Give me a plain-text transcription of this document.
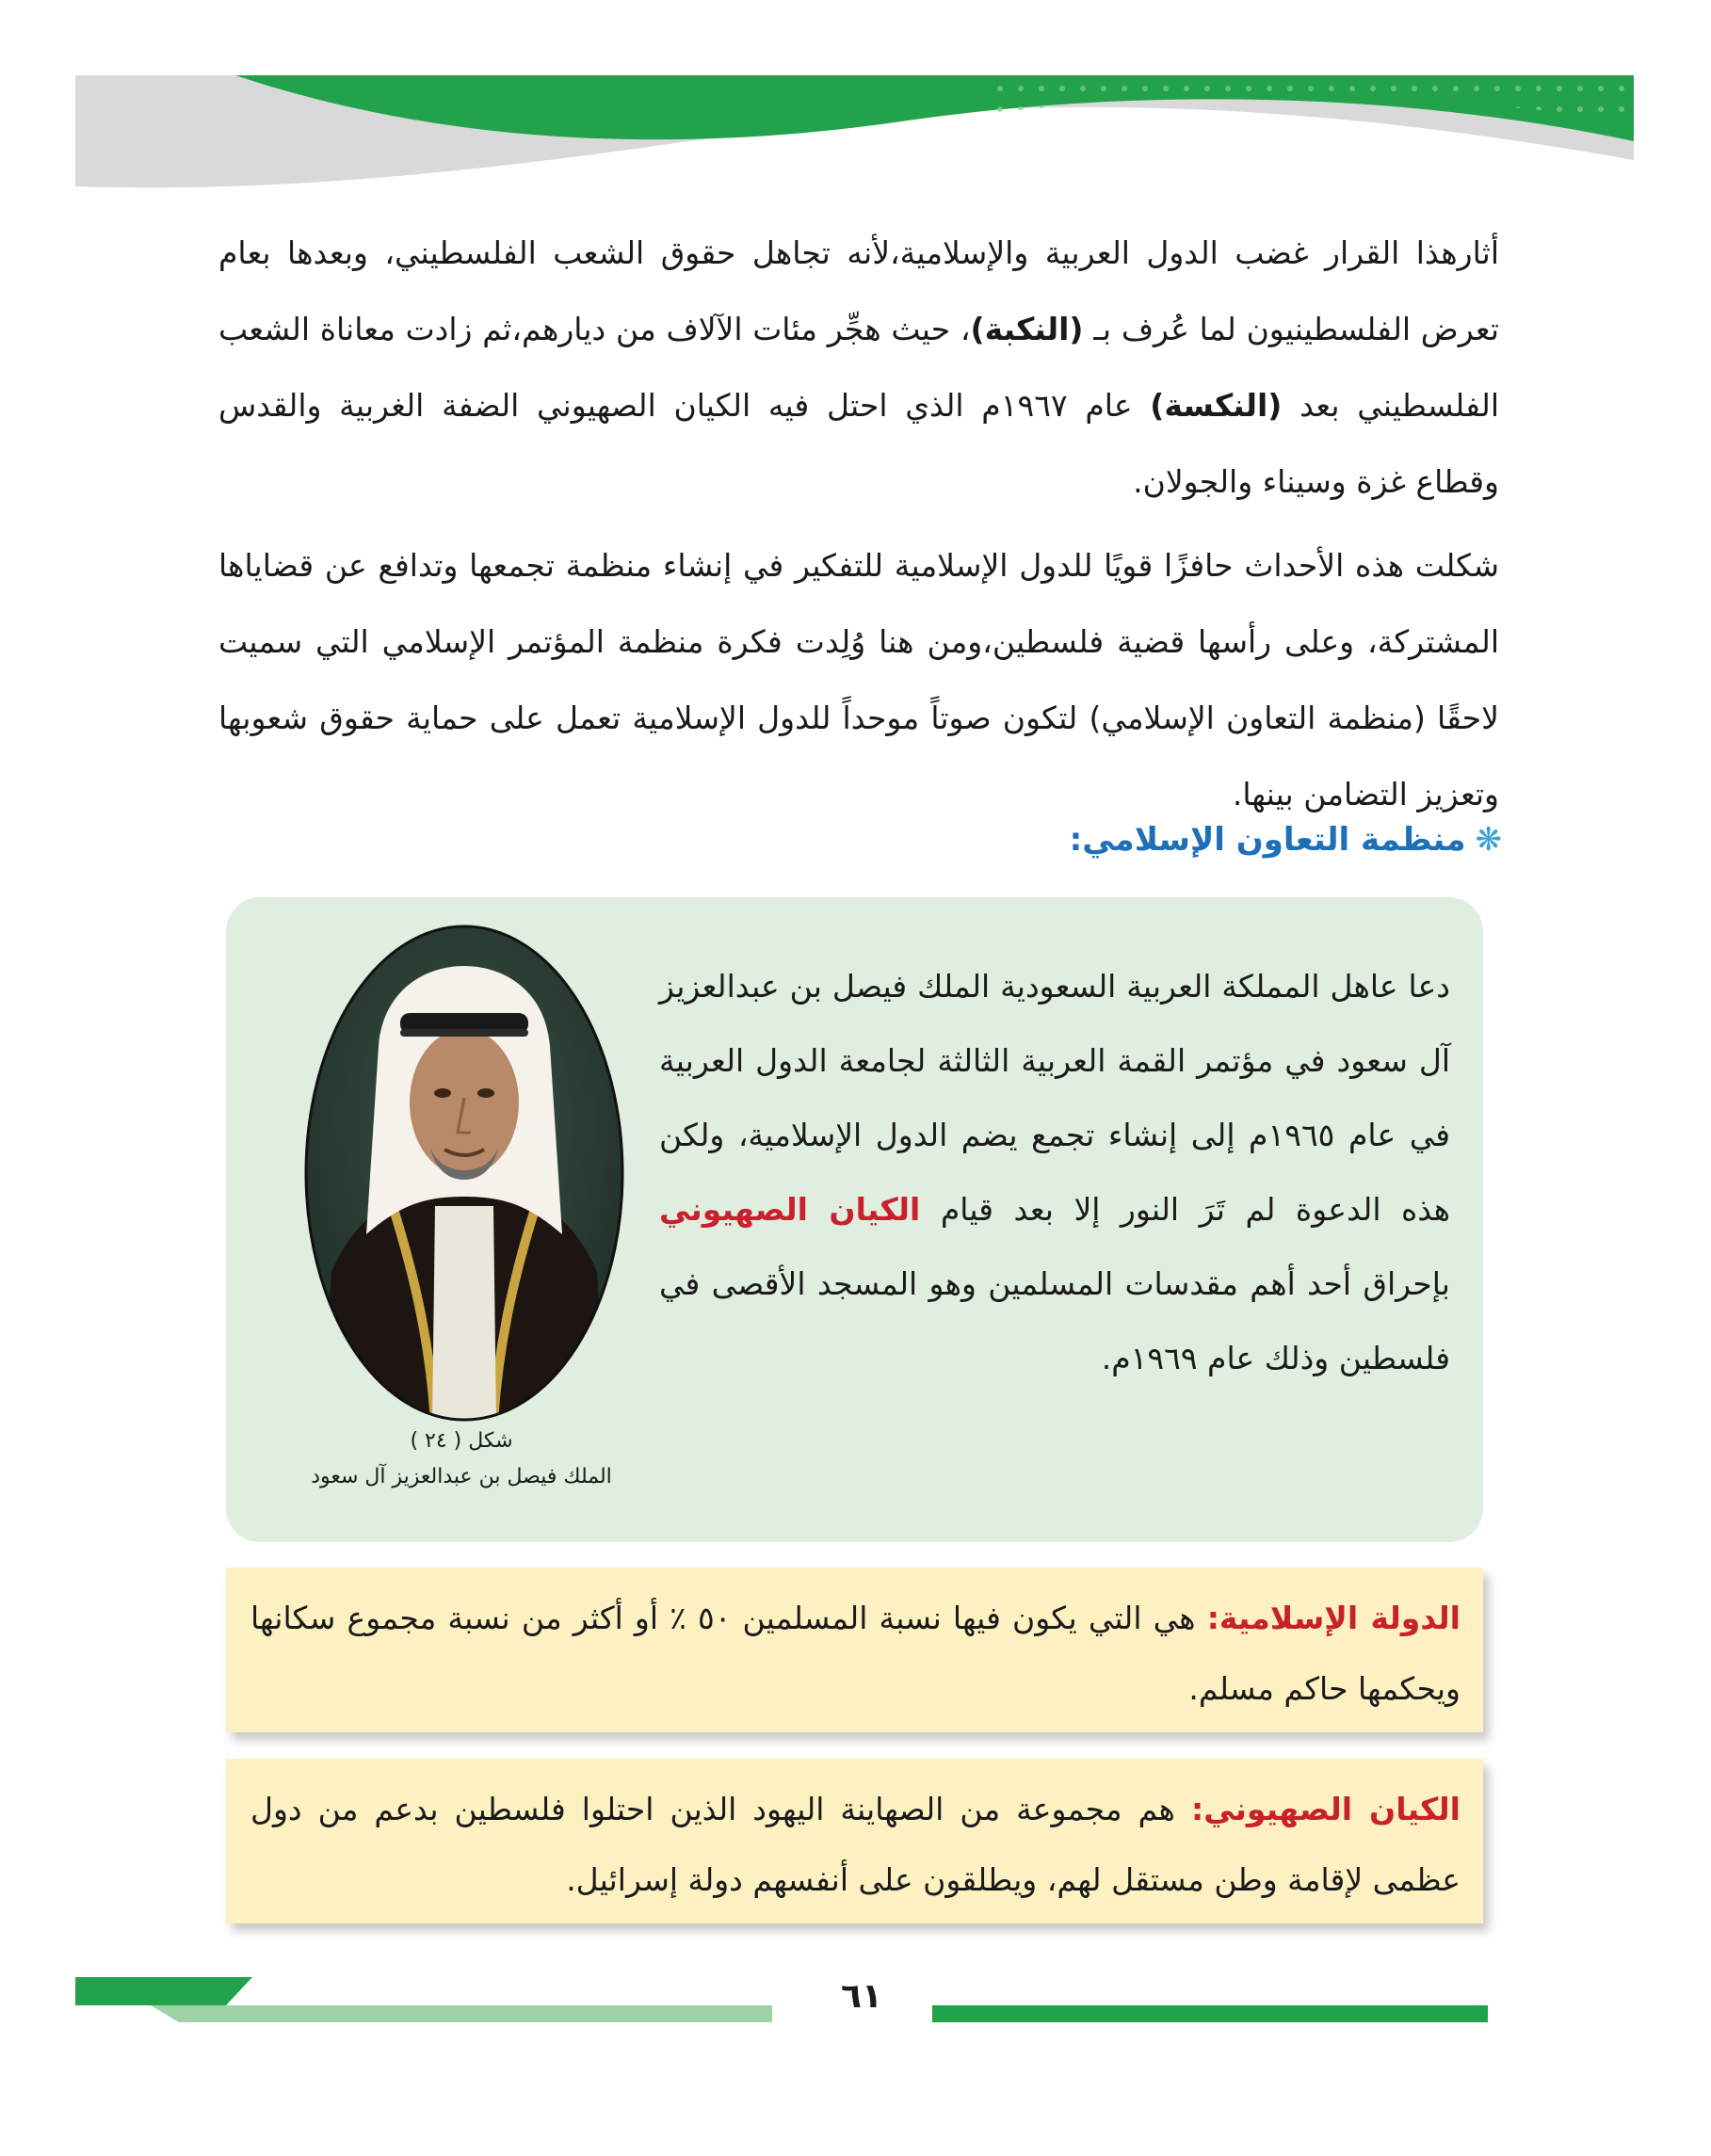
أثارهذا القرار غضب الدول العربية والإسلامية،لأنه تجاهل حقوق الشعب الفلسطيني، وبعدها بعام تعرض الفلسطينيون لما عُرف بـ (النكبة)، حيث هجِّر مئات الآلاف من ديارهم،ثم زادت معاناة الشعب الفلسطيني بعد (النكسة) عام ١٩٦٧م الذي احتل فيه الكيان الصهيوني الضفة الغربية والقدس وقطاع غزة وسيناء والجولان.

شكلت هذه الأحداث حافزًا قويًا للدول الإسلامية للتفكير في إنشاء منظمة تجمعها وتدافع عن قضاياها المشتركة، وعلى رأسها قضية فلسطين،ومن هنا وُلِدت فكرة منظمة المؤتمر الإسلامي التي سميت لاحقًا (منظمة التعاون الإسلامي) لتكون صوتاً موحداً للدول الإسلامية تعمل على حماية حقوق شعوبها وتعزيز التضامن بينها.

❋منظمة التعاون الإسلامي:
دعا عاهل المملكة العربية السعودية الملك فيصل بن عبدالعزيز آل سعود في مؤتمر القمة العربية الثالثة لجامعة الدول العربية في عام ١٩٦٥م إلى إنشاء تجمع يضم الدول الإسلامية، ولكن هذه الدعوة لم تَرَ النور إلا بعد قيام الكيان الصهيوني بإحراق أحد أهم مقدسات المسلمين وهو المسجد الأقصى في فلسطين وذلك عام ١٩٦٩م.
شكل ( ٢٤ )
الملك فيصل بن عبدالعزيز آل سعود
الدولة الإسلامية: هي التي يكون فيها نسبة المسلمين ٥٠ ٪ أو أكثر من نسبة مجموع سكانها ويحكمها حاكم مسلم.
الكيان الصهيوني: هم مجموعة من الصهاينة اليهود الذين احتلوا فلسطين بدعم من دول عظمى لإقامة وطن مستقل لهم، ويطلقون على أنفسهم دولة إسرائيل.
٦١
